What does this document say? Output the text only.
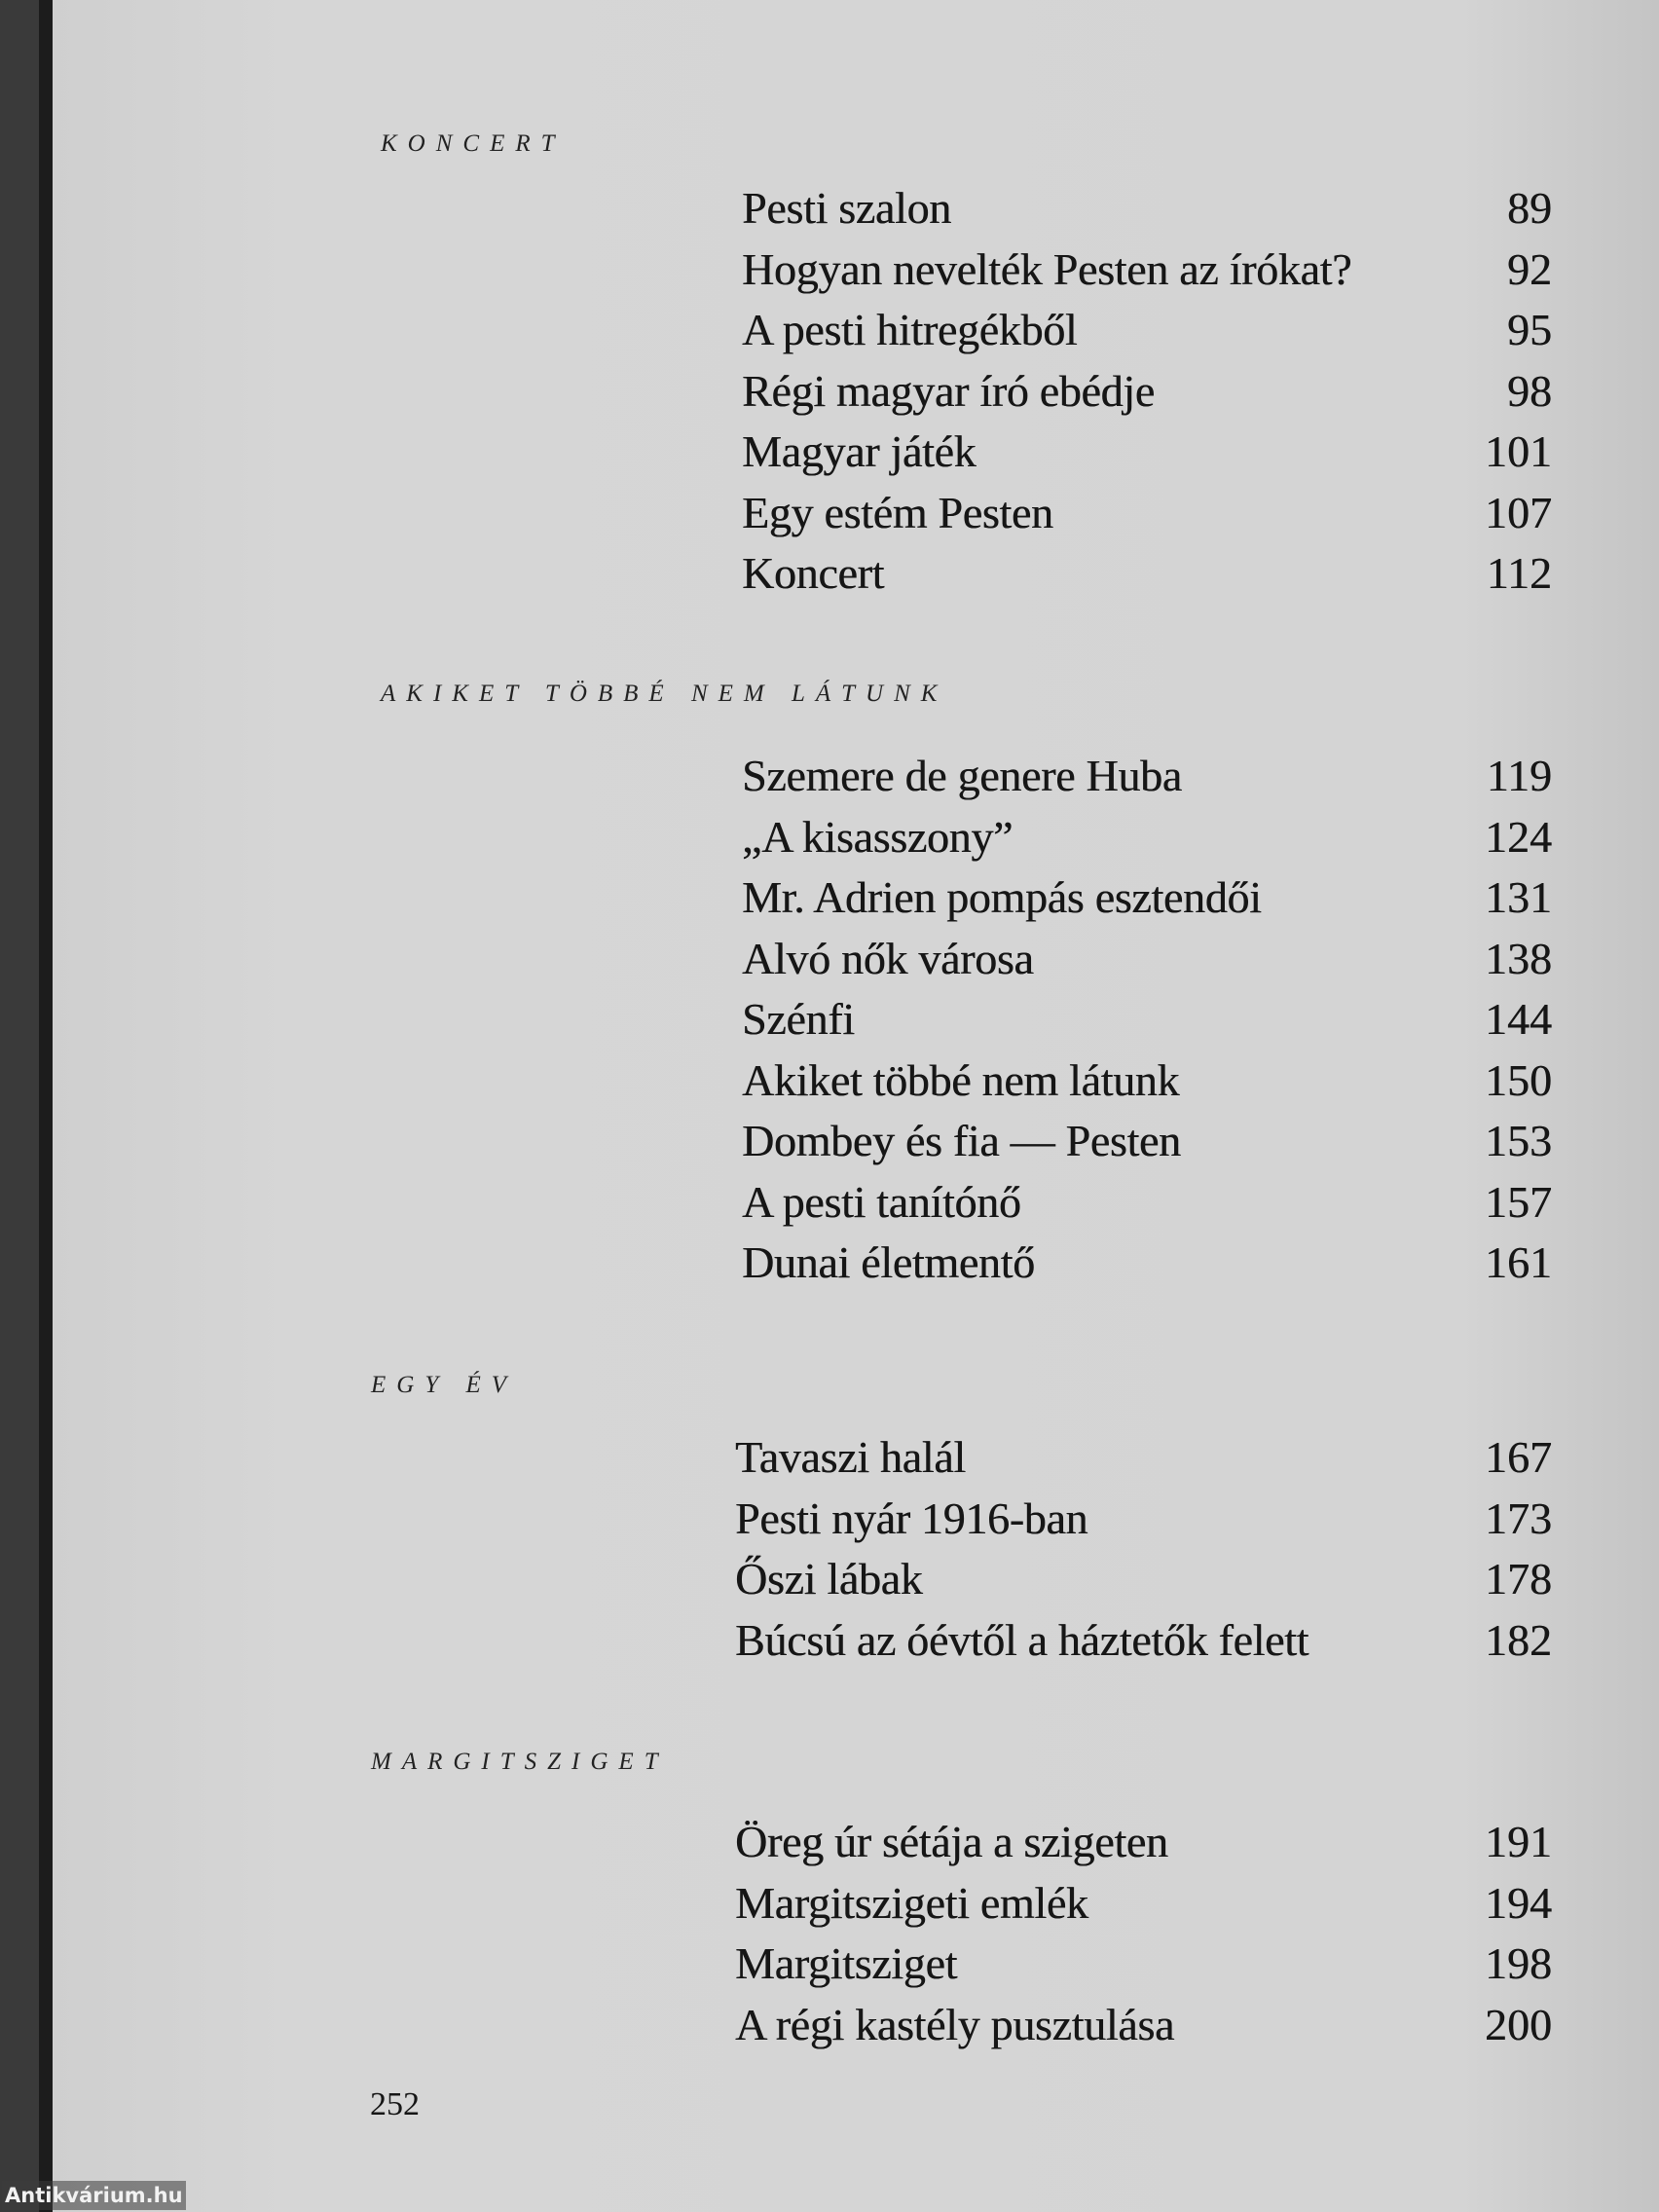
KONCERT
Pesti szalon	89
Hogyan nevelték Pesten az írókat?	92
A pesti hitregékből	95
Régi magyar író ebédje	98
Magyar játék	101
Egy estém Pesten	107
Koncert	112
AKIKET TÖBBÉ NEM LÁTUNK
Szemere de genere Huba	119
„A kisasszony”	124
Mr. Adrien pompás esztendői	131
Alvó nők városa	138
Szénfi	144
Akiket többé nem látunk	150
Dombey és fia — Pesten	153
A pesti tanítónő	157
Dunai életmentő	161
EGY ÉV
Tavaszi halál	167
Pesti nyár 1916-ban	173
Őszi lábak	178
Búcsú az óévtől a háztetők felett	182
MARGITSZIGET
Öreg úr sétája a szigeten	191
Margitszigeti emlék	194
Margitsziget	198
A régi kastély pusztulása	200
252
Antikvárium.hu
